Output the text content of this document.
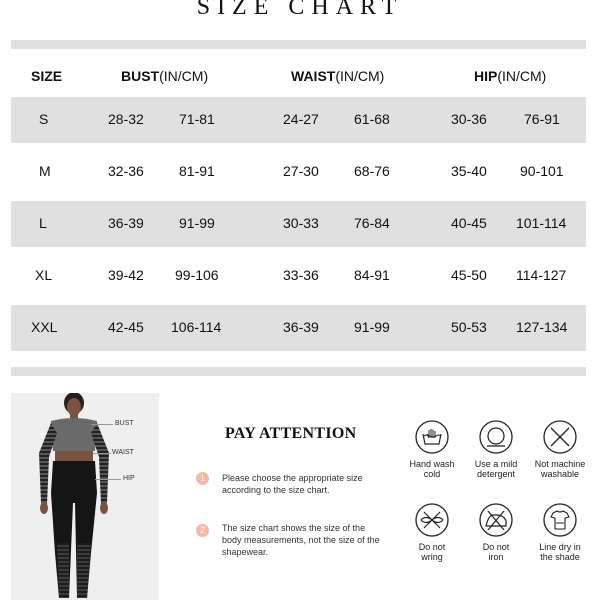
SIZE CHART
SIZE	BUST(IN/CM)	WAIST(IN/CM)	HIP(IN/CM)
S	28-32	71-81	24-27	61-68	30-36	76-91
M	32-36	81-91	27-30	68-76	35-40 90-101
L	36-39	91-99	30-33	76-84	40-45 101-114
XL	39-42 99-106	33-36	84-91	45-50 114-127
XXL	42-45 106-114	36-39	91-99	50-53 127-134
BUST
WAIST
HIP
PAY ATTENTION
1	Please choose the appropriate size according to the size chart.
2	The size chart shows the size of the body measurements, not the size of the shapewear.
Hand wash
cold
Use a mild
detergent
Not machine
washable
Do not
wring
Do not
iron
Line dry in
the shade
